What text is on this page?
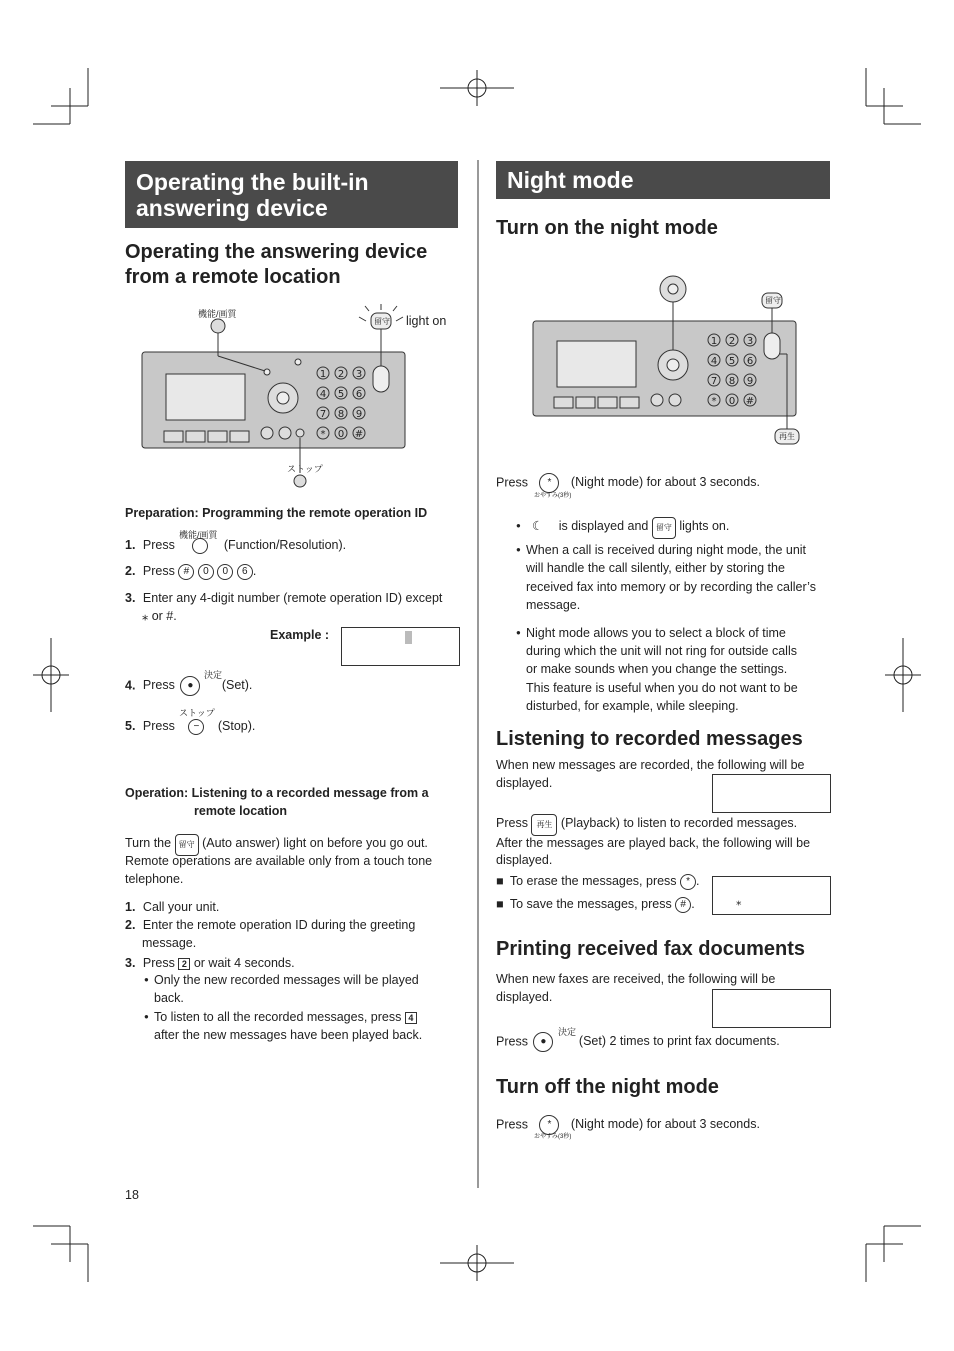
Operating the built-in
answering device
Operating the answering device
from a remote location
1 2 3
4 5 6
7 8 9
* 0 #
機能/画質
留守 light on
ストップ
Preparation: Programming the remote operation ID
1. Press	(Function/Resolution).
機能/画質
2. Press # 0 0 6 .
3. Enter any 4-digit number (remote operation ID) except
⁎ or #.
Example :
4. Press ● (Set).
決定
5. Press − (Stop).
ストップ
Operation: Listening to a recorded message from a
remote location
Turn the 留守 (Auto answer) light on before you go out.
Remote operations are available only from a touch tone
telephone.
1. Call your unit.
2. Enter the remote operation ID during the greeting
message.
3. Press 2 or wait 4 seconds.
● Only the new recorded messages will be played
back.
● To listen to all the recorded messages, press 4
after the new messages have been played back.
Night mode
Turn on the night mode
1 2 3
4 5 6
7 8 9
* 0 #
留守
再生
Press * (Night mode) for about 3 seconds.
おやすみ(3秒)
● ☾ is displayed and 留守 lights on.
● When a call is received during night mode, the unit
will handle the call silently, either by storing the
received fax into memory or by recording the caller’s
message.
● Night mode allows you to select a block of time
during which the unit will not ring for outside calls
or make sounds when you change the settings.
This feature is useful when you do not want to be
disturbed, for example, while sleeping.
Listening to recorded messages
When new messages are recorded, the following will be
displayed.
Press 再生 (Playback) to listen to recorded messages.
After the messages are played back, the following will be
displayed.
■ To erase the messages, press * .
■ To save the messages, press # .	⁎
Printing received fax documents
When new faxes are received, the following will be
displayed.
Press ●	(Set) 2 times to print fax documents.
決定
Turn off the night mode
Press * (Night mode) for about 3 seconds.
おやすみ(3秒)
18
